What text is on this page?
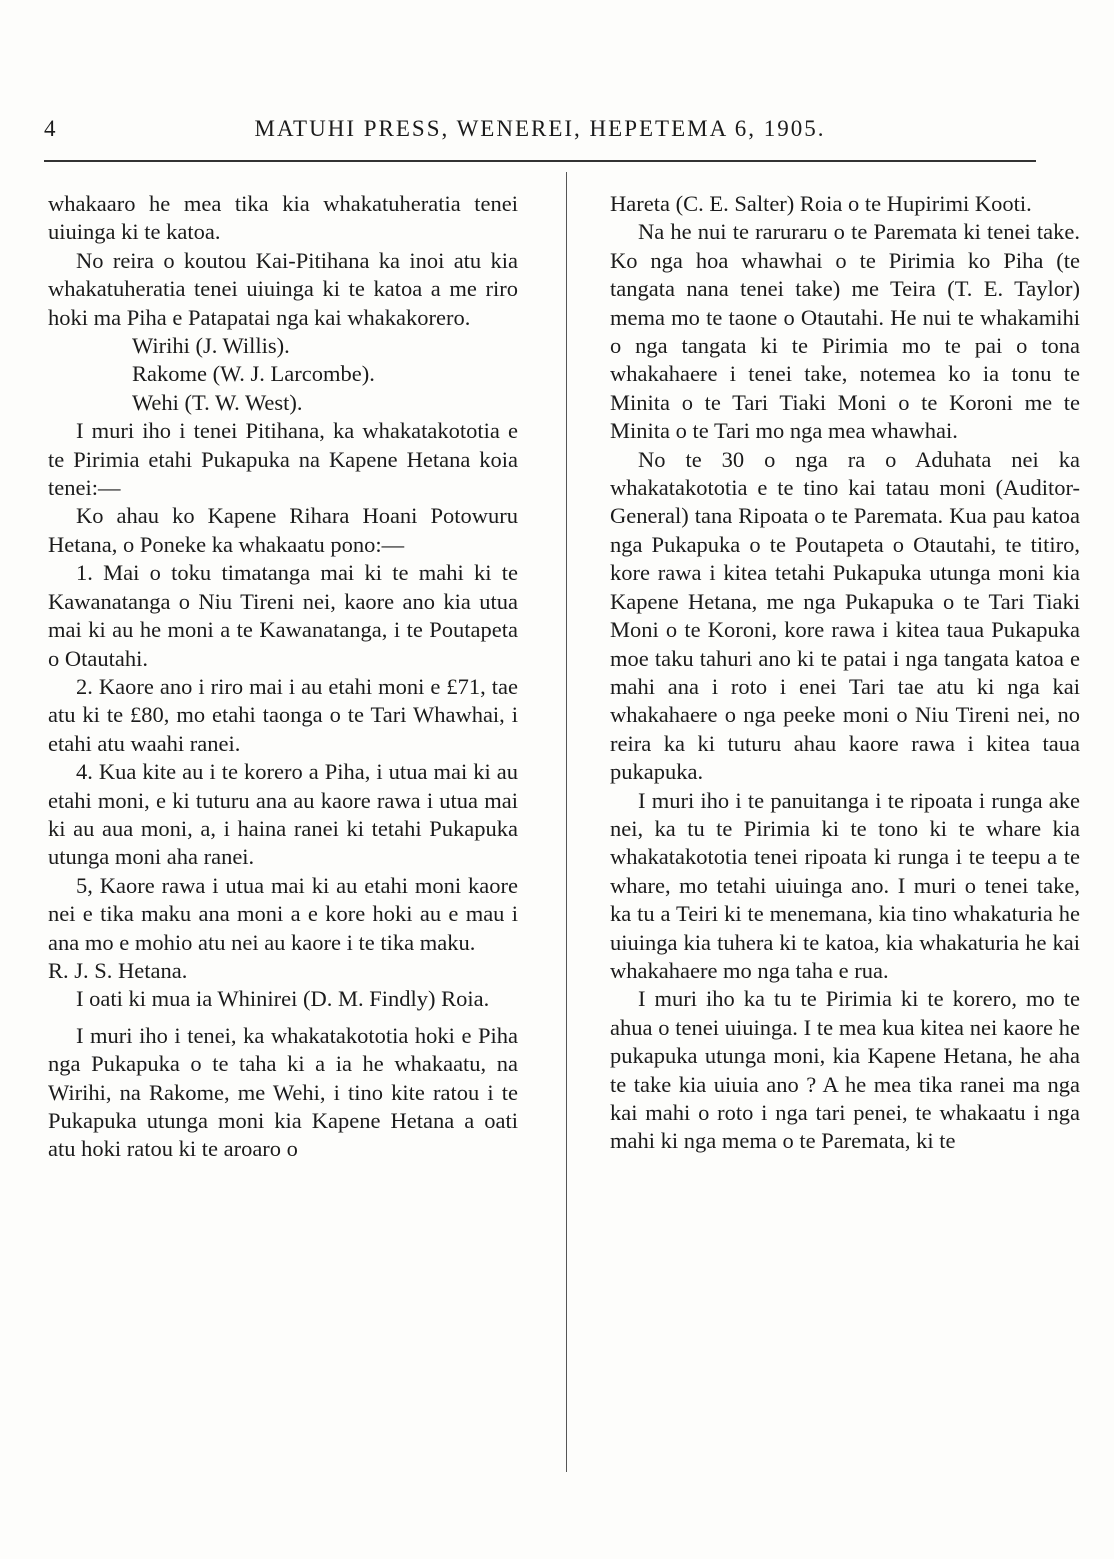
4	MATUHI PRESS, WENEREI, HEPETEMA 6, 1905.

whakaaro he mea tika kia whakatuheratia tenei uiuinga ki te katoa.

No reira o koutou Kai-Pitihana ka inoi atu kia whakatuheratia tenei uiuinga ki te katoa a me riro hoki ma Piha e Patapatai nga kai whakakorero.

Wirihi (J. Willis).

Rakome (W. J. Larcombe).

Wehi (T. W. West).

I muri iho i tenei Pitihana, ka whakatakototia e te Pirimia etahi Pukapuka na Kapene Hetana koia tenei:—

Ko ahau ko Kapene Rihara Hoani Potowuru Hetana, o Poneke ka whakaatu pono:—

1. Mai o toku timatanga mai ki te mahi ki te Kawanatanga o Niu Tireni nei, kaore ano kia utua mai ki au he moni a te Kawanatanga, i te Poutapeta o Otautahi.

2. Kaore ano i riro mai i au etahi moni e £71, tae atu ki te £80, mo etahi taonga o te Tari Whawhai, i etahi atu waahi ranei.

4. Kua kite au i te korero a Piha, i utua mai ki au etahi moni, e ki tuturu ana au kaore rawa i utua mai ki au aua moni, a, i haina ranei ki tetahi Pukapuka utunga moni aha ranei.

5, Kaore rawa i utua mai ki au etahi moni kaore nei e tika maku ana moni a e kore hoki au e mau i ana mo e mohio atu nei au kaore i te tika maku.

R. J. S. Hetana.

I oati ki mua ia Whinirei (D. M. Findly) Roia.

I muri iho i tenei, ka whakatakototia hoki e Piha nga Pukapuka o te taha ki a ia he whakaatu, na Wirihi, na Rakome, me Wehi, i tino kite ratou i te Pukapuka utunga moni kia Kapene Hetana a oati atu hoki ratou ki te aroaro o

Hareta (C. E. Salter) Roia o te Hupirimi Kooti.

Na he nui te raruraru o te Paremata ki tenei take. Ko nga hoa whawhai o te Pirimia ko Piha (te tangata nana tenei take) me Teira (T. E. Taylor) mema mo te taone o Otautahi. He nui te whakamihi o nga tangata ki te Pirimia mo te pai o tona whakahaere i tenei take, notemea ko ia tonu te Minita o te Tari Tiaki Moni o te Koroni me te Minita o te Tari mo nga mea whawhai.

No te 30 o nga ra o Aduhata nei ka whakatakototia e te tino kai tatau moni (Auditor-General) tana Ripoata o te Paremata. Kua pau katoa nga Pukapuka o te Poutapeta o Otautahi, te titiro, kore rawa i kitea tetahi Pukapuka utunga moni kia Kapene Hetana, me nga Pukapuka o te Tari Tiaki Moni o te Koroni, kore rawa i kitea taua Pukapuka moe taku tahuri ano ki te patai i nga tangata katoa e mahi ana i roto i enei Tari tae atu ki nga kai whakahaere o nga peeke moni o Niu Tireni nei, no reira ka ki tuturu ahau kaore rawa i kitea taua pukapuka.

I muri iho i te panuitanga i te ripoata i runga ake nei, ka tu te Pirimia ki te tono ki te whare kia whakatakototia tenei ripoata ki runga i te teepu a te whare, mo tetahi uiuinga ano. I muri o tenei take, ka tu a Teiri ki te menemana, kia tino whakaturia he uiuinga kia tuhera ki te katoa, kia whakaturia he kai whakahaere mo nga taha e rua.

I muri iho ka tu te Pirimia ki te korero, mo te ahua o tenei uiuinga. I te mea kua kitea nei kaore he pukapuka utunga moni, kia Kapene Hetana, he aha te take kia uiuia ano ? A he mea tika ranei ma nga kai mahi o roto i nga tari penei, te whakaatu i nga mahi ki nga mema o te Paremata, ki te
